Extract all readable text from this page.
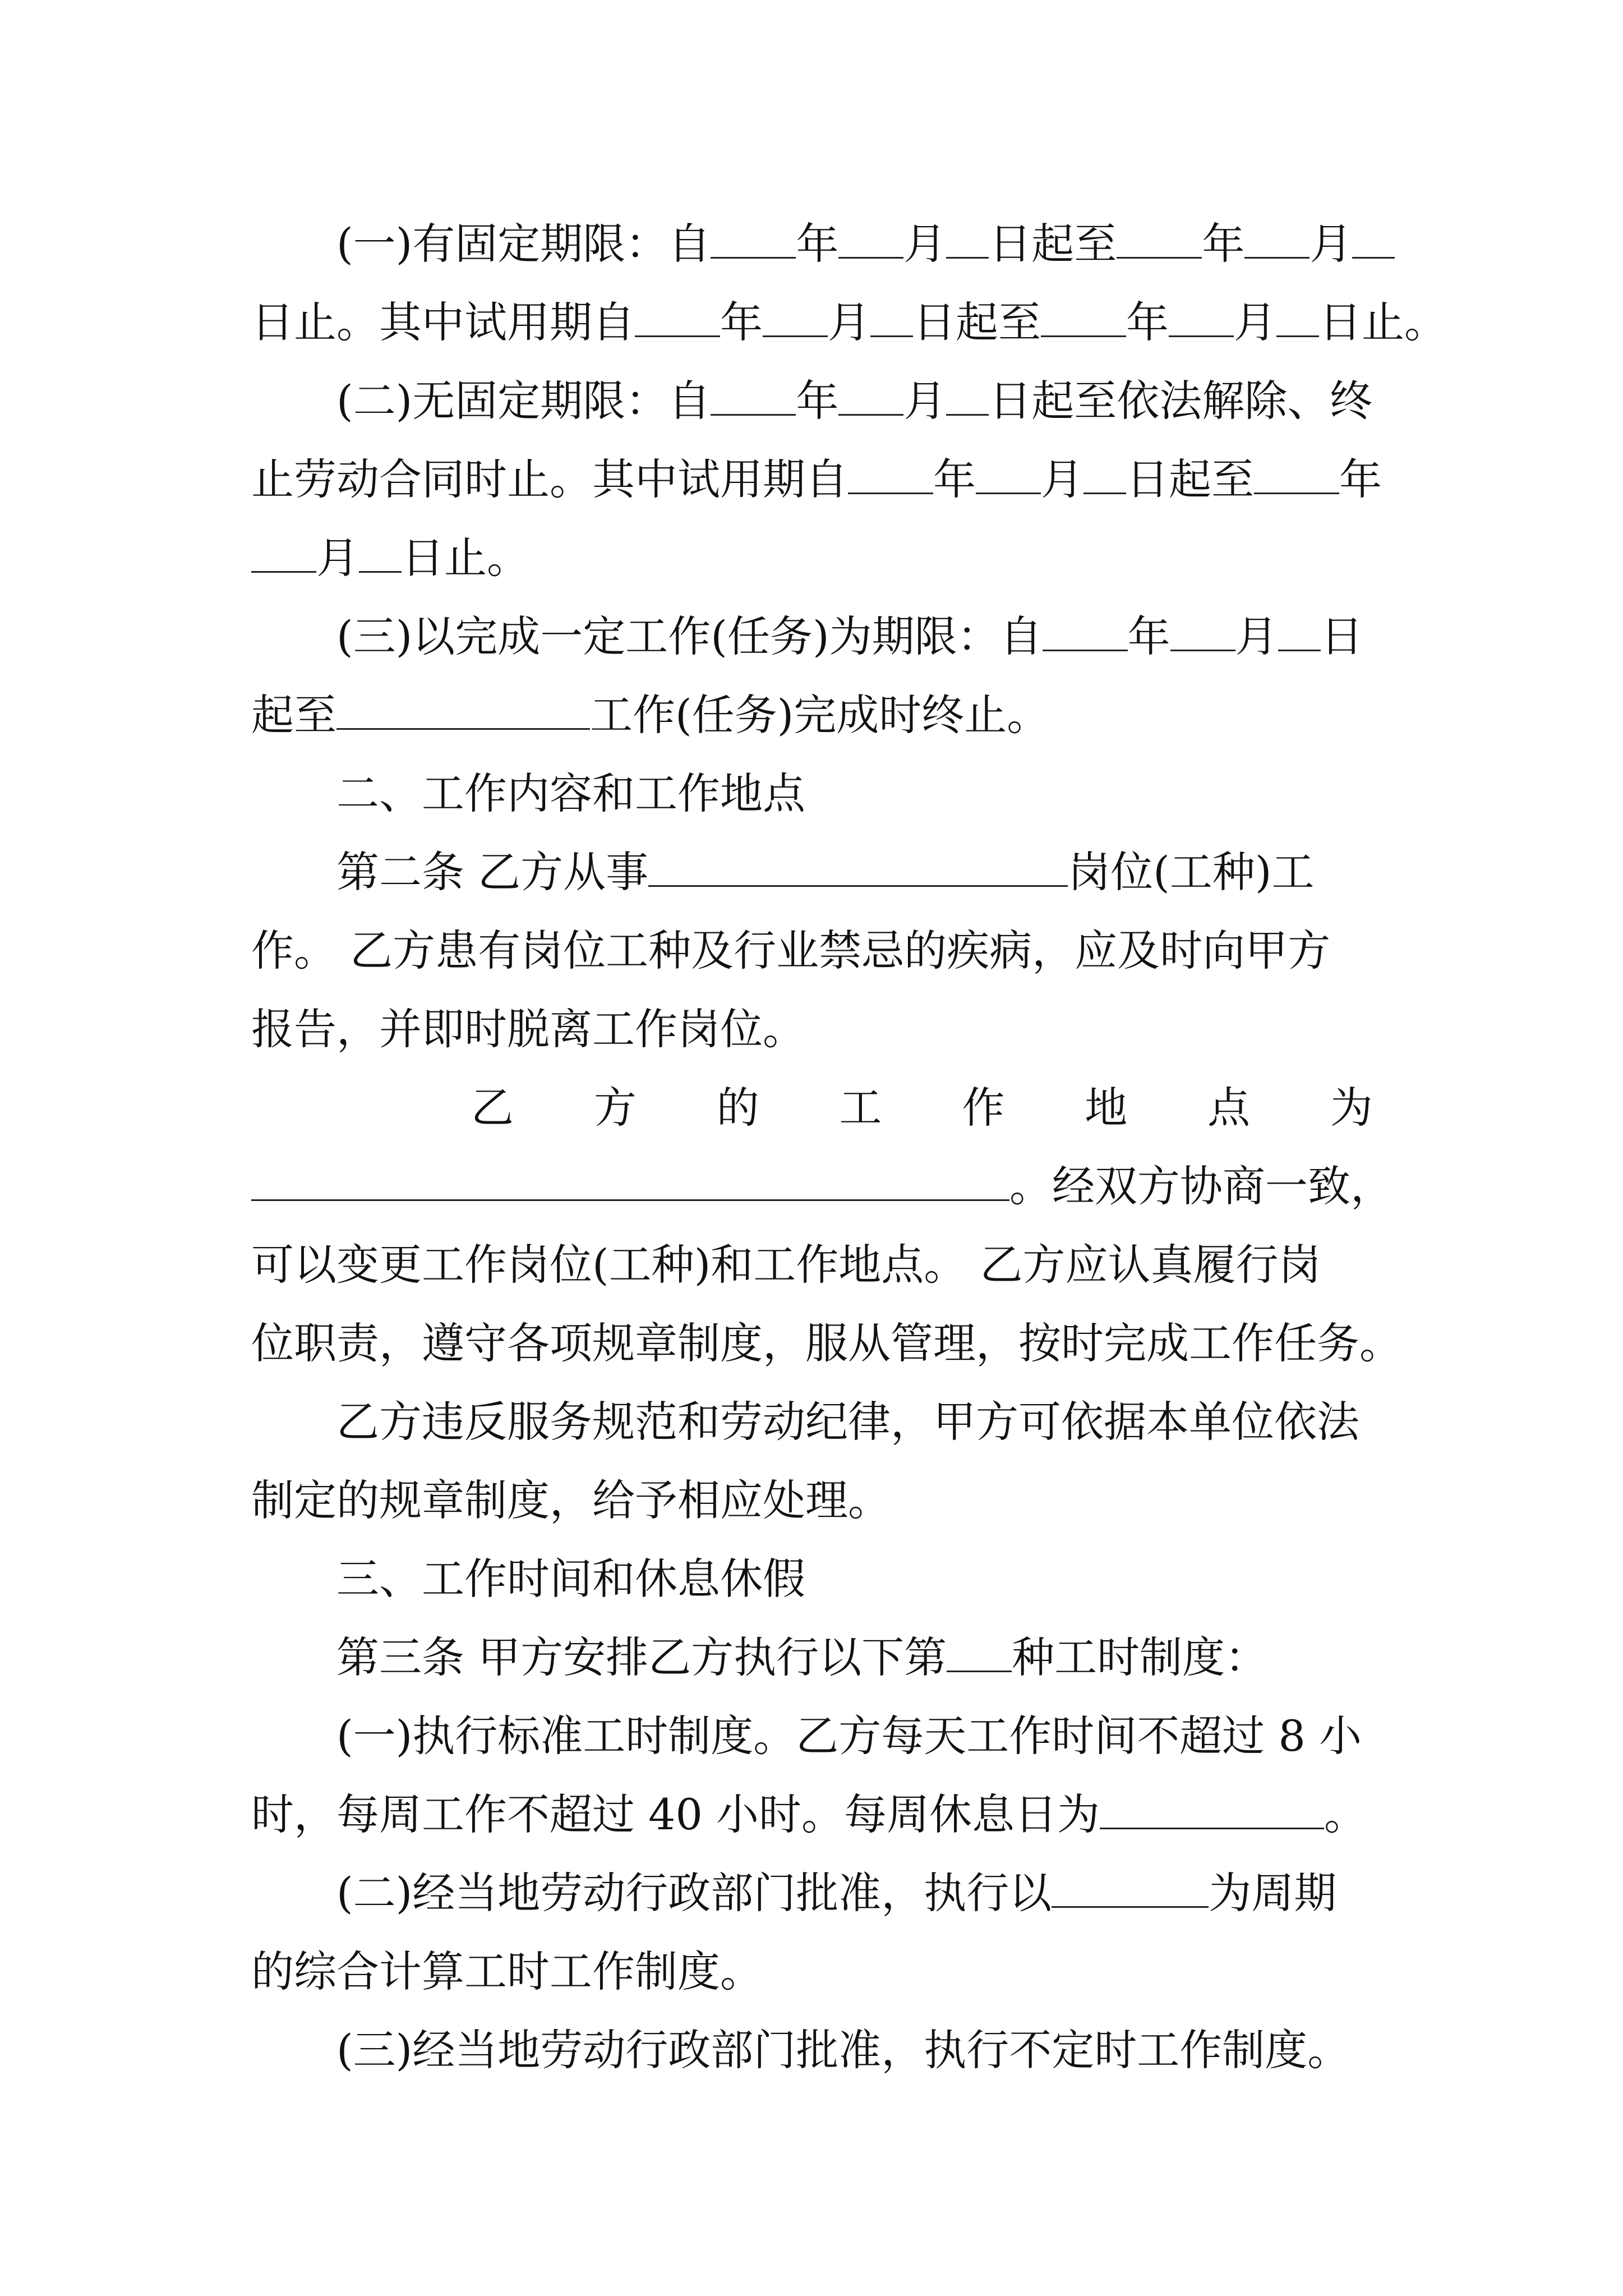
(一)有固定期限：自 年 月 日起至 年 月
日止。其中试用期自 年 月 日起至 年 月 日止。
(二)无固定期限：自 年 月 日起至依法解除、终
止劳动合同时止。其中试用期自 年 月 日起至 年
月 日止。
(三)以完成一定工作(任务)为期限：自 年 月 日
起至	工作(任务)完成时终止。
二、工作内容和工作地点
第二条 乙方从事	岗位(工种)工
作。 乙方患有岗位工种及行业禁忌的疾病，应及时向甲方
报告，并即时脱离工作岗位。
乙 方 的 工 作 地 点 为
。经双方协商一致，
可以变更工作岗位(工种)和工作地点。 乙方应认真履行岗
位职责，遵守各项规章制度，服从管理，按时完成工作任务。
乙方违反服务规范和劳动纪律，甲方可依据本单位依法
制定的规章制度，给予相应处理。
三、工作时间和休息休假
第三条 甲方安排乙方执行以下第 种工时制度：
(一)执行标准工时制度。乙方每天工作时间不超过 8 小
时，每周工作不超过 40 小时。每周休息日为	。
(二)经当地劳动行政部门批准，执行以	为周期
的综合计算工时工作制度。
(三)经当地劳动行政部门批准，执行不定时工作制度。
